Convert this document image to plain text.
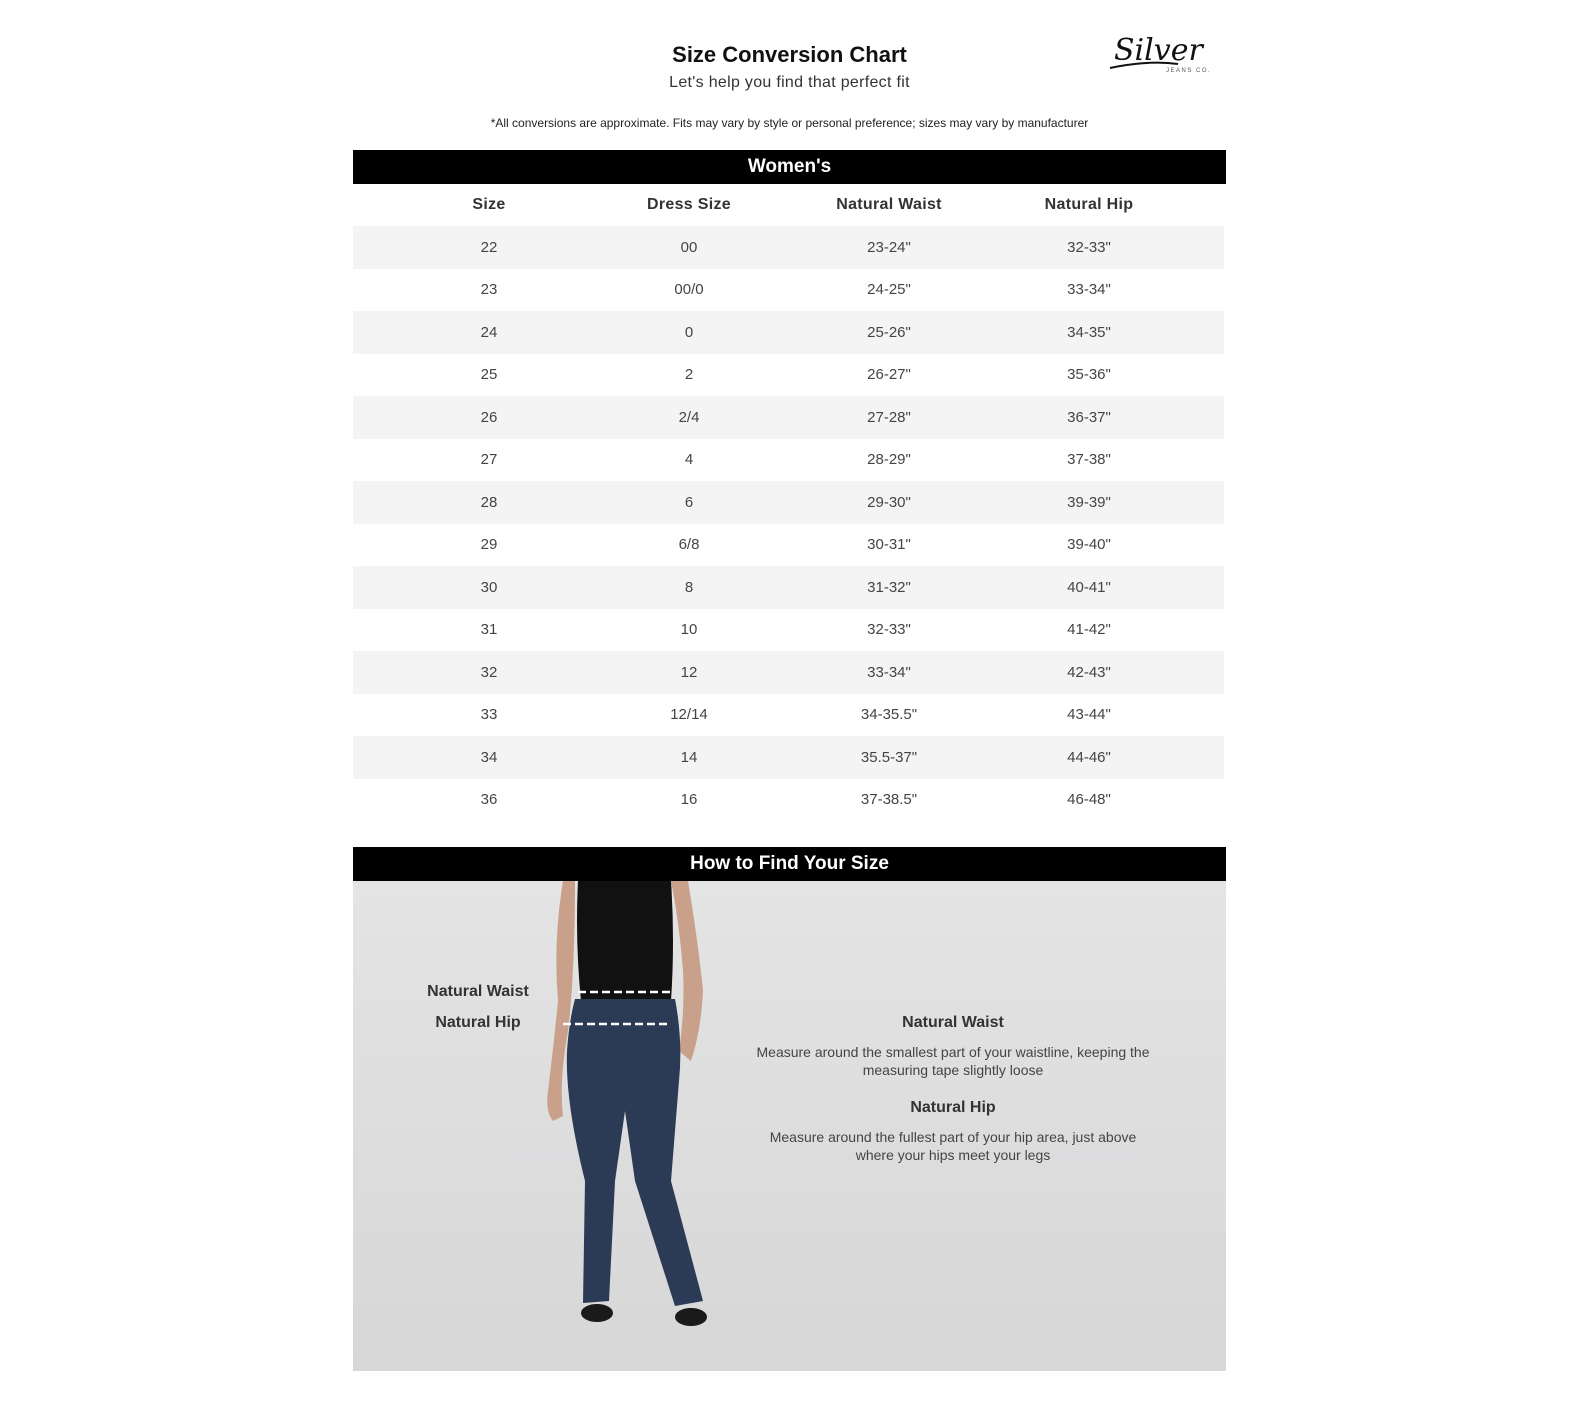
Size Conversion Chart
Let's help you find that perfect fit
*All conversions are approximate. Fits may vary by style or personal preference; sizes may vary by manufacturer
Silver
JEANS CO.
Women's
Size	Dress Size	Natural Waist	Natural Hip
22	00	23-24"	32-33"
23	00/0	24-25"	33-34"
24	0	25-26"	34-35"
25	2	26-27"	35-36"
26	2/4	27-28"	36-37"
27	4	28-29"	37-38"
28	6	29-30"	39-39"
29	6/8	30-31"	39-40"
30	8	31-32"	40-41"
31	10	32-33"	41-42"
32	12	33-34"	42-43"
33	12/14	34-35.5"	43-44"
34	14	35.5-37"	44-46"
36	16	37-38.5"	46-48"
How to Find Your Size
Natural Waist
Natural Hip	Natural Waist
Measure around the smallest part of your waistline, keeping the measuring tape slightly loose
Natural Hip
Measure around the fullest part of your hip area, just above where your hips meet your legs
